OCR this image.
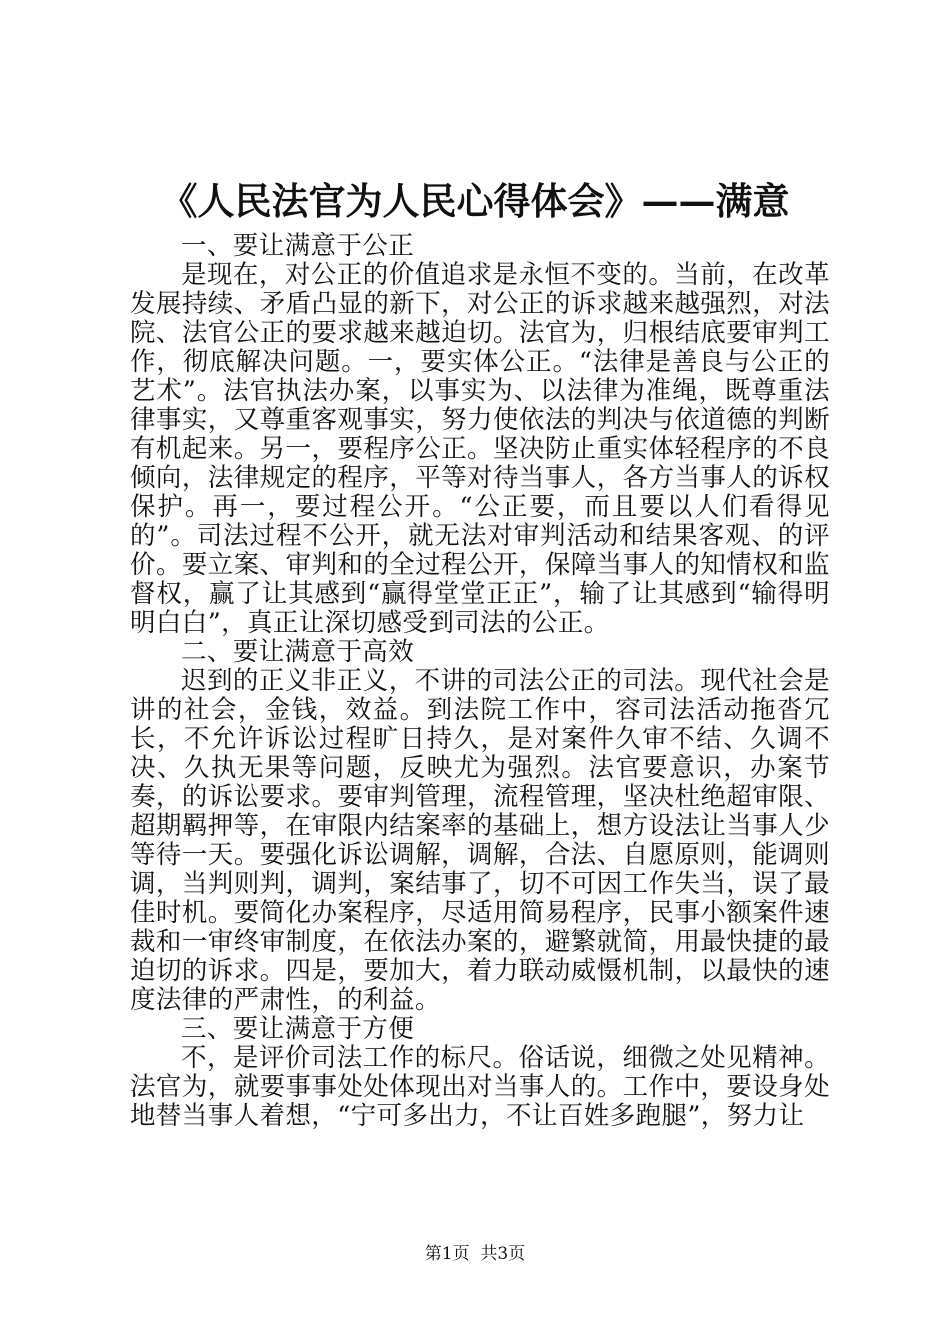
《人民法官为人民心得体会》——满意

一、要让满意于公正

是现在，对公正的价值追求是永恒不变的。当前，在改革发展持续、矛盾凸显的新下，对公正的诉求越来越强烈，对法院、法官公正的要求越来越迫切。法官为，归根结底要审判工作，彻底解决问题。一，要实体公正。“法律是善良与公正的艺术”。法官执法办案，以事实为、以法律为准绳，既尊重法律事实，又尊重客观事实，努力使依法的判决与依道德的判断有机起来。另一，要程序公正。坚决防止重实体轻程序的不良倾向，法律规定的程序，平等对待当事人，各方当事人的诉权保护。再一，要过程公开。“公正要，而且要以人们看得见的”。司法过程不公开，就无法对审判活动和结果客观、的评价。要立案、审判和的全过程公开，保障当事人的知情权和监督权，赢了让其感到“赢得堂堂正正”，输了让其感到“输得明明白白”，真正让深切感受到司法的公正。

二、要让满意于高效

迟到的正义非正义，不讲的司法公正的司法。现代社会是讲的社会，金钱，效益。到法院工作中，容司法活动拖沓冗长，不允许诉讼过程旷日持久，是对案件久审不结、久调不决、久执无果等问题，反映尤为强烈。法官要意识，办案节奏，的诉讼要求。要审判管理，流程管理，坚决杜绝超审限、超期羁押等，在审限内结案率的基础上，想方设法让当事人少等待一天。要强化诉讼调解，调解，合法、自愿原则，能调则调，当判则判，调判，案结事了，切不可因工作失当，误了最佳时机。要简化办案程序，尽适用简易程序，民事小额案件速裁和一审终审制度，在依法办案的，避繁就简，用最快捷的最迫切的诉求。四是，要加大，着力联动威慑机制，以最快的速度法律的严肃性，的利益。

三、要让满意于方便

不，是评价司法工作的标尺。俗话说，细微之处见精神。法官为，就要事事处处体现出对当事人的。工作中，要设身处地替当事人着想，“宁可多出力，不让百姓多跑腿”，努力让

第1页 共3页
